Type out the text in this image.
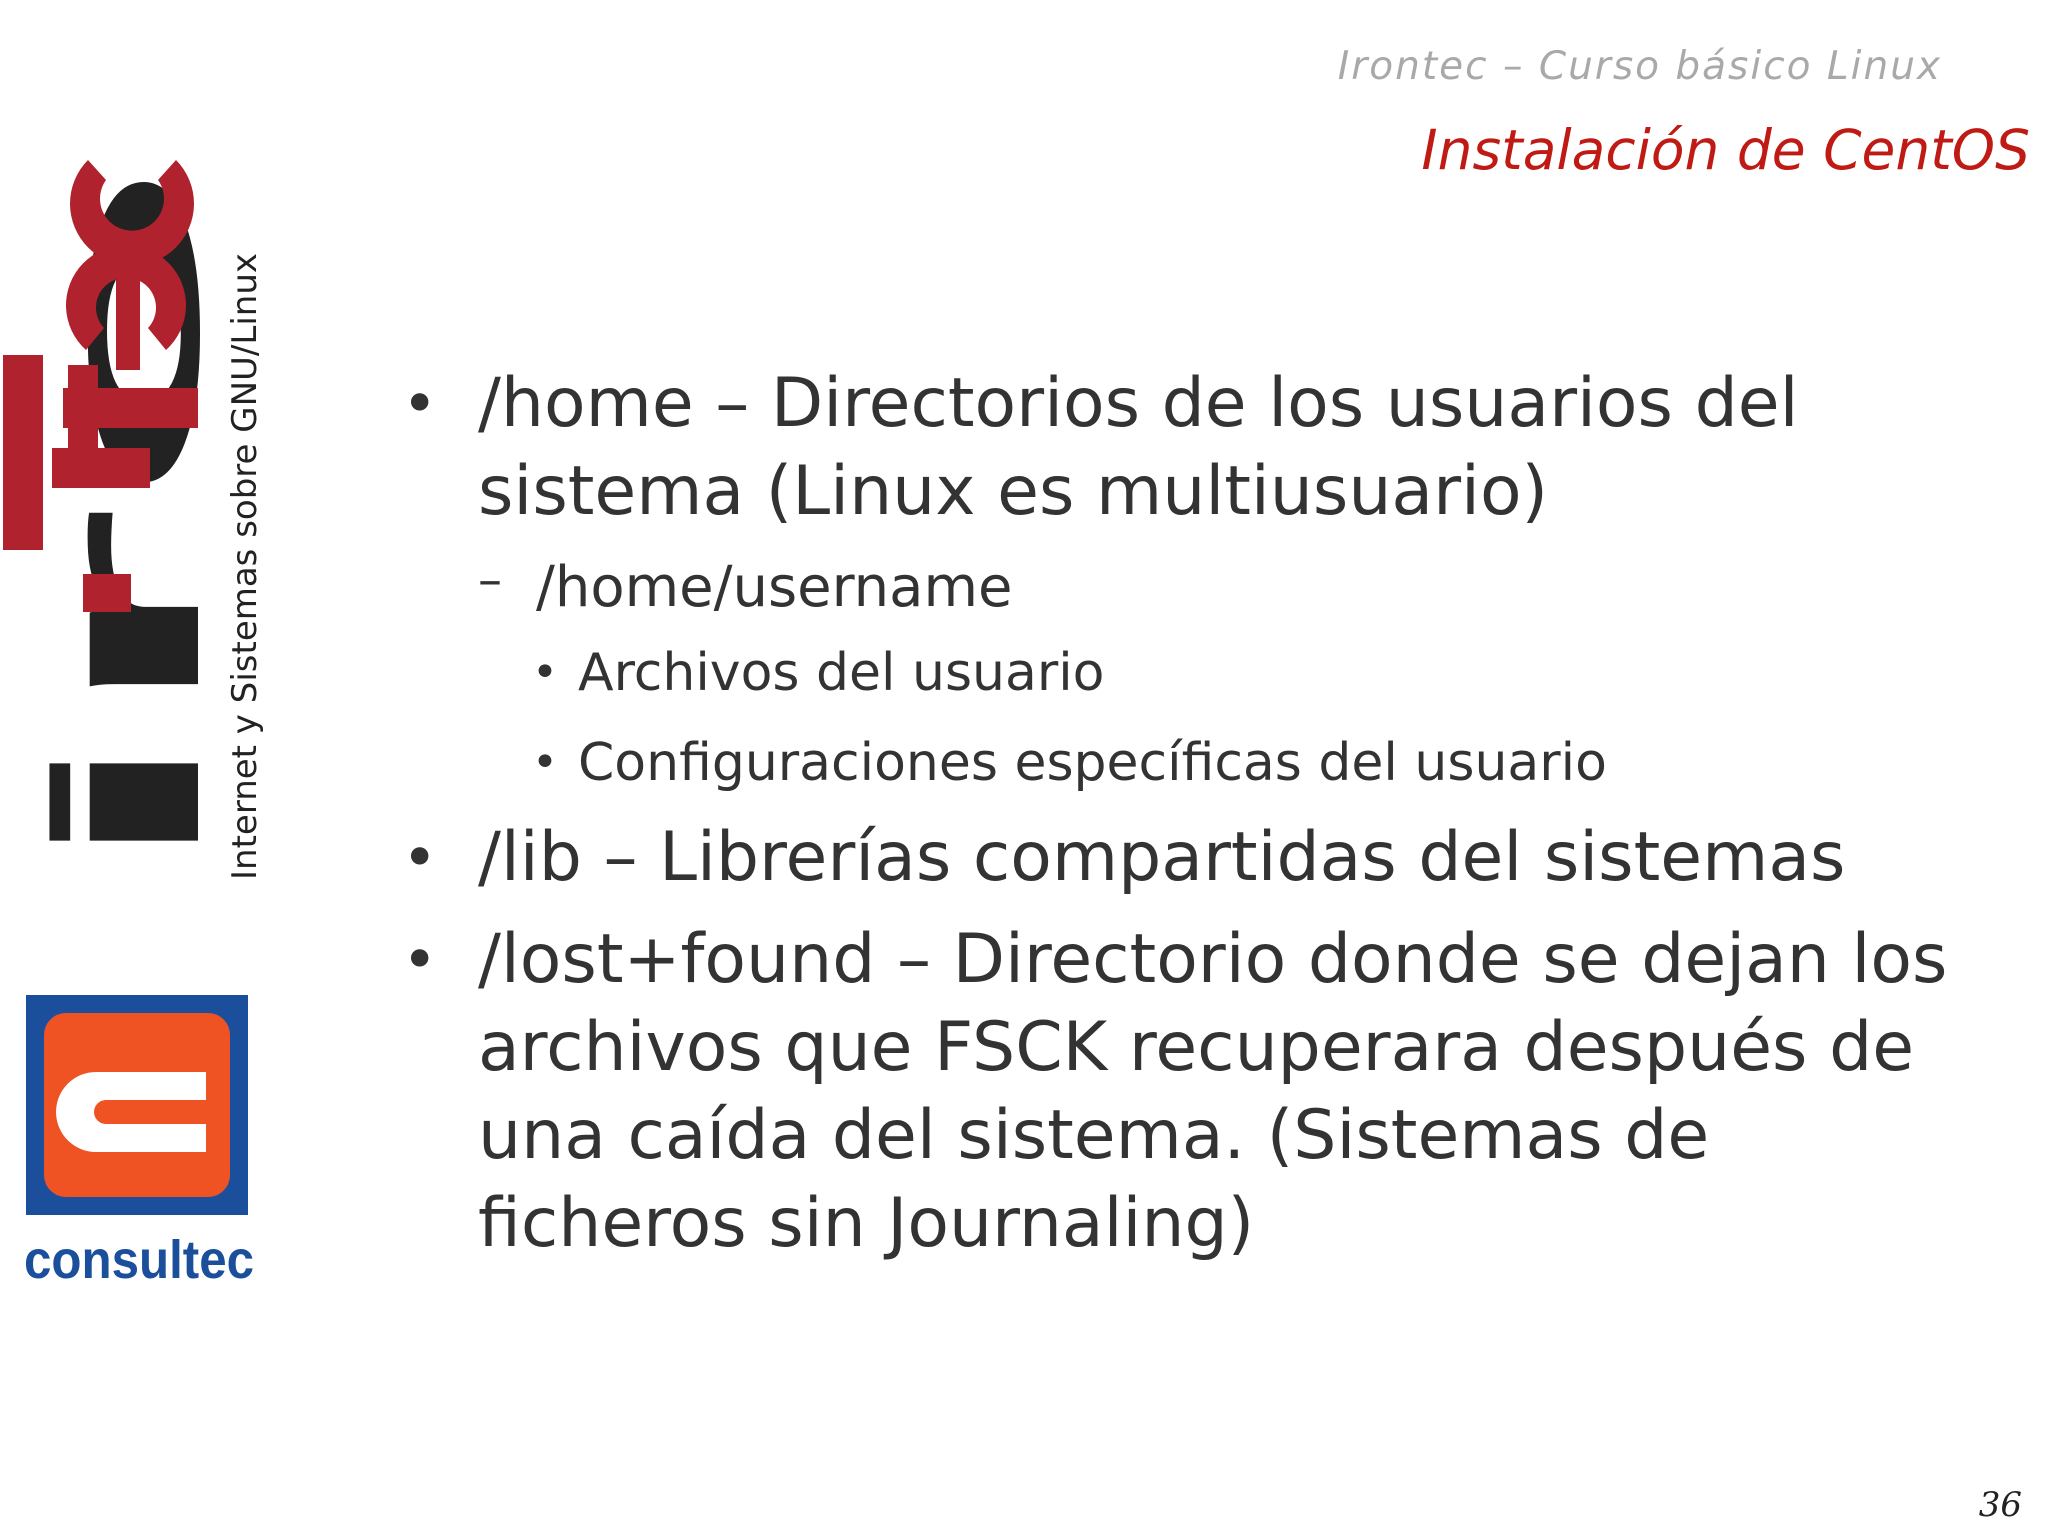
Irontec – Curso básico Linux
Instalación de CentOS
iro
Internet y Sistemas sobre GNU/Linux
consultec
• /home – Directorios de los usuarios del sistema (Linux es multiusuario)
– /home/username
• Archivos del usuario
• Configuraciones específicas del usuario
• /lib – Librerías compartidas del sistemas
• /lost+found – Directorio donde se dejan los archivos que FSCK recuperara después de una caída del sistema. (Sistemas de ficheros sin Journaling)
36
